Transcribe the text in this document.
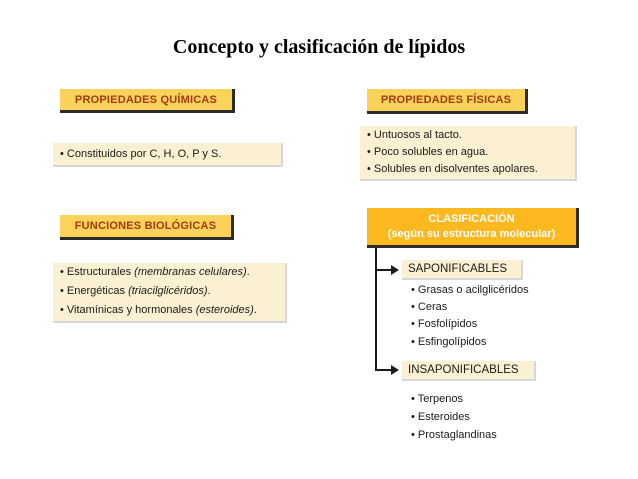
Concepto y clasificación de lípidos
PROPIEDADES QUÍMICAS
• Constituidos por C, H, O, P y S.
PROPIEDADES FÍSICAS
• Untuosos al tacto.
• Poco solubles en agua.
• Solubles en disolventes apolares.
FUNCIONES BIOLÓGICAS
• Estructurales (membranas celulares).
• Energéticas (triacilglicéridos).
• Vitamínicas y hormonales (esteroides).
CLASIFICACIÓN
(según su estructura molecular)
SAPONIFICABLES
• Grasas o acilglicéridos
• Ceras
• Fosfolípidos
• Esfingolípidos
INSAPONIFICABLES
• Terpenos
• Esteroides
• Prostaglandinas
